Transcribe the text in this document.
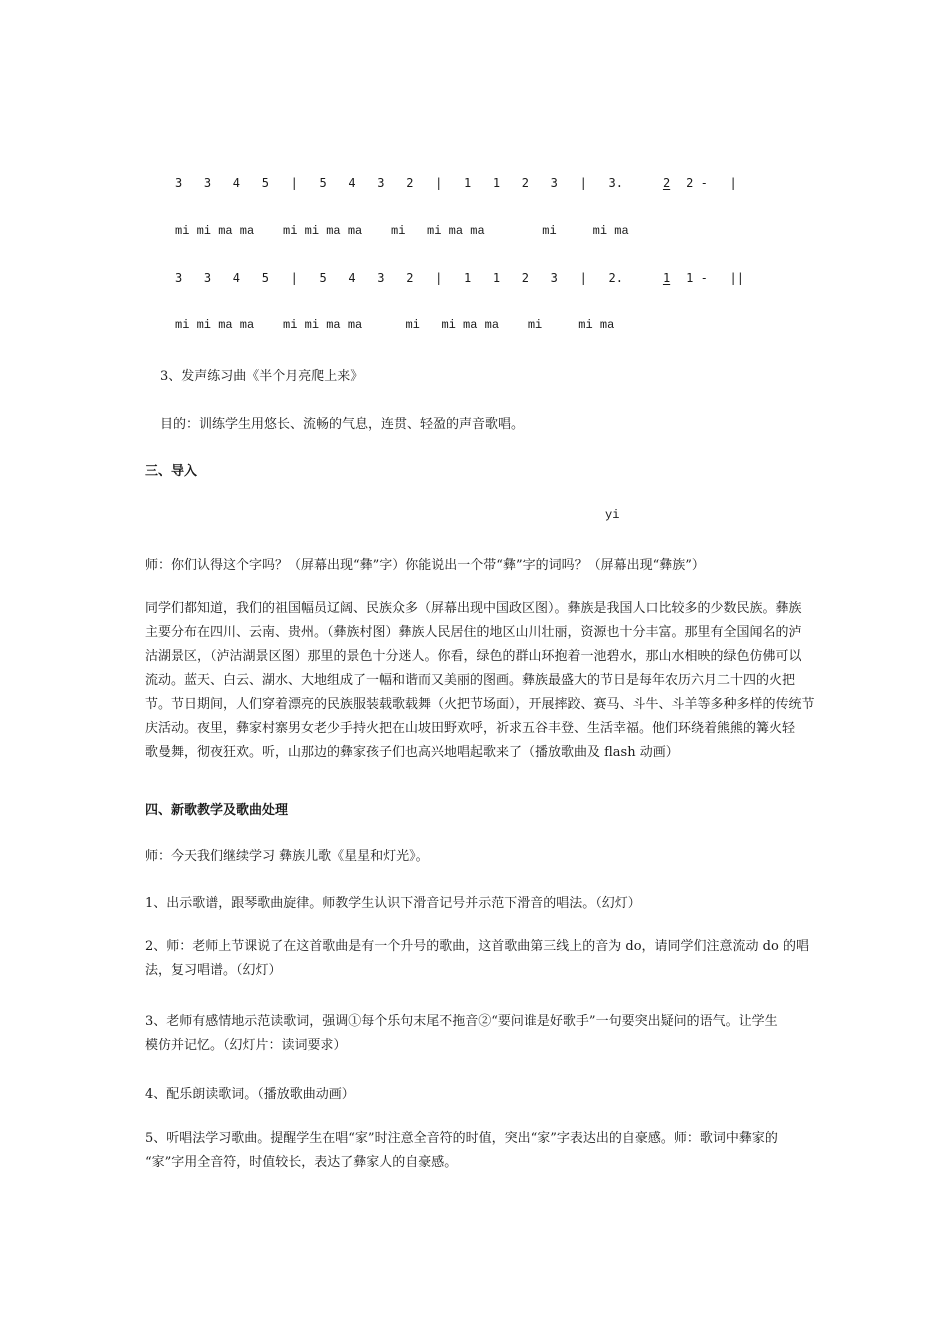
3   3   4   5   |   5   4   3   2   |   1   1   2   3   |   3.	2 2 -   |
mi mi ma ma    mi mi ma ma    mi   mi ma ma        mi     mi ma
3   3   4   5   |   5   4   3   2   |   1   1   2   3   |   2.	1 1 -   ||
mi mi ma ma    mi mi ma ma      mi   mi ma ma    mi     mi ma
3、发声练习曲《半个月亮爬上来》
目的：训练学生用悠长、流畅的气息，连贯、轻盈的声音歌唱。
三、导入
yi
师：你们认得这个字吗？（屏幕出现“彝”字）你能说出一个带“彝”字的词吗？（屏幕出现“彝族”）
同学们都知道，我们的祖国幅员辽阔、民族众多（屏幕出现中国政区图）。彝族是我国人口比较多的少数民族。彝族
主要分布在四川、云南、贵州。（彝族村图）彝族人民居住的地区山川壮丽，资源也十分丰富。那里有全国闻名的泸
沽湖景区，（泸沽湖景区图）那里的景色十分迷人。你看，绿色的群山环抱着一池碧水，那山水相映的绿色仿佛可以
流动。蓝天、白云、湖水、大地组成了一幅和谐而又美丽的图画。彝族最盛大的节日是每年农历六月二十四的火把
节。节日期间，人们穿着漂亮的民族服装载歌载舞（火把节场面），开展摔跤、赛马、斗牛、斗羊等多种多样的传统节
庆活动。夜里，彝家村寨男女老少手持火把在山坡田野欢呼，祈求五谷丰登、生活幸福。他们环绕着熊熊的篝火轻
歌曼舞，彻夜狂欢。听，山那边的彝家孩子们也高兴地唱起歌来了（播放歌曲及 flash 动画）
四、新歌教学及歌曲处理
师：今天我们继续学习 彝族儿歌《星星和灯光》。
1、出示歌谱，跟琴歌曲旋律。师教学生认识下滑音记号并示范下滑音的唱法。（幻灯）
2、师：老师上节课说了在这首歌曲是有一个升号的歌曲，这首歌曲第三线上的音为 do，请同学们注意流动 do 的唱
法，复习唱谱。（幻灯）
3、老师有感情地示范读歌词，强调①每个乐句末尾不拖音②“要问谁是好歌手”一句要突出疑问的语气。让学生
模仿并记忆。（幻灯片：读词要求）
4、配乐朗读歌词。（播放歌曲动画）
5、听唱法学习歌曲。提醒学生在唱“家”时注意全音符的时值，突出“家”字表达出的自豪感。师：歌词中彝家的
“家”字用全音符，时值较长，表达了彝家人的自豪感。
